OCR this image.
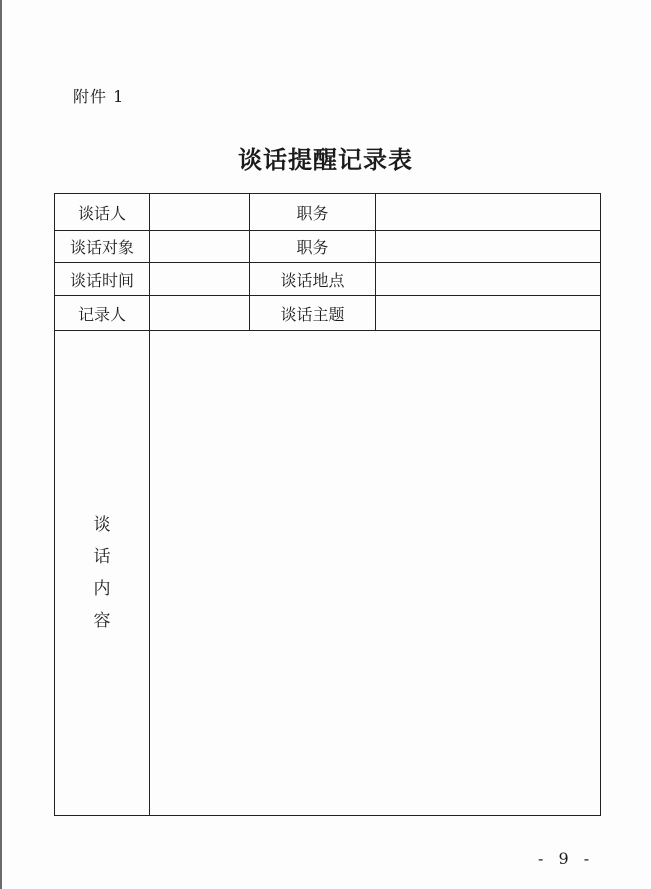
附件 1
谈话提醒记录表
谈话人		职务	
谈话对象		职务	
谈话时间		谈话地点	
记录人		谈话主题	

谈
话
内
容			

- 9 -
